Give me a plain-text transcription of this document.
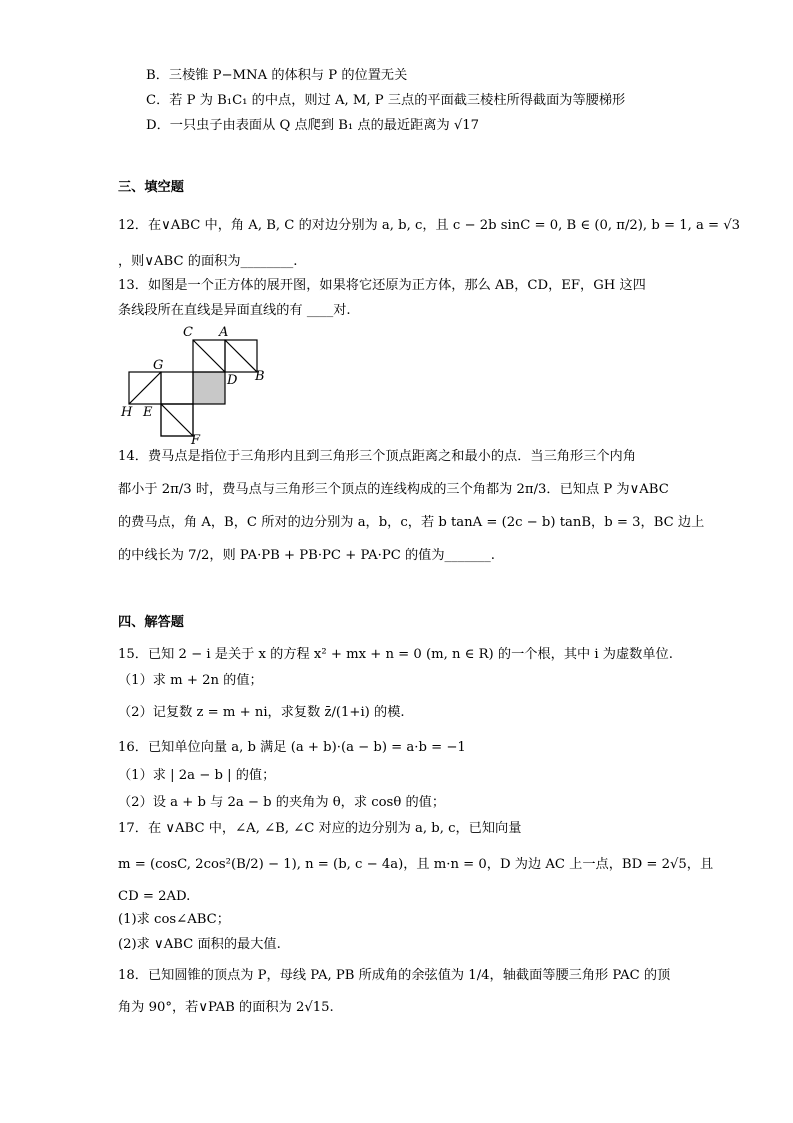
B．三棱锥 P−MNA 的体积与 P 的位置无关
C．若 P 为 B₁C₁ 的中点，则过 A, M, P 三点的平面截三棱柱所得截面为等腰梯形
D．一只虫子由表面从 Q 点爬到 B₁ 点的最近距离为 √17
三、填空题
12．在∨ABC 中，角 A, B, C 的对边分别为 a, b, c，且 c − 2b sinC = 0, B ∈ (0, π/2), b = 1, a = √3
，则∨ABC 的面积为________.
13．如图是一个正方体的展开图，如果将它还原为正方体，那么 AB，CD，EF，GH 这四
条线段所在直线是异面直线的有 ____对.
C A
G
D B
H E
F
14．费马点是指位于三角形内且到三角形三个顶点距离之和最小的点．当三角形三个内角
都小于 2π/3 时，费马点与三角形三个顶点的连线构成的三个角都为 2π/3．已知点 P 为∨ABC
的费马点，角 A，B，C 所对的边分别为 a，b，c，若 b tanA = (2c − b) tanB，b = 3，BC 边上
的中线长为 7/2，则 PA·PB + PB·PC + PA·PC 的值为_______.
四、解答题
15．已知 2 − i 是关于 x 的方程 x² + mx + n = 0 (m, n ∈ R) 的一个根，其中 i 为虚数单位.
（1）求 m + 2n 的值；
（2）记复数 z = m + ni，求复数 z̄/(1+i) 的模.
16．已知单位向量 a, b 满足 (a + b)·(a − b) = a·b = −1
（1）求 | 2a − b | 的值；
（2）设 a + b 与 2a − b 的夹角为 θ，求 cosθ 的值；
17．在 ∨ABC 中，∠A, ∠B, ∠C 对应的边分别为 a, b, c，已知向量
m = (cosC, 2cos²(B/2) − 1), n = (b, c − 4a)，且 m·n = 0，D 为边 AC 上一点，BD = 2√5，且
CD = 2AD.
(1)求 cos∠ABC；
(2)求 ∨ABC 面积的最大值.
18．已知圆锥的顶点为 P，母线 PA, PB 所成角的余弦值为 1/4，轴截面等腰三角形 PAC 的顶
角为 90°，若∨PAB 的面积为 2√15.
